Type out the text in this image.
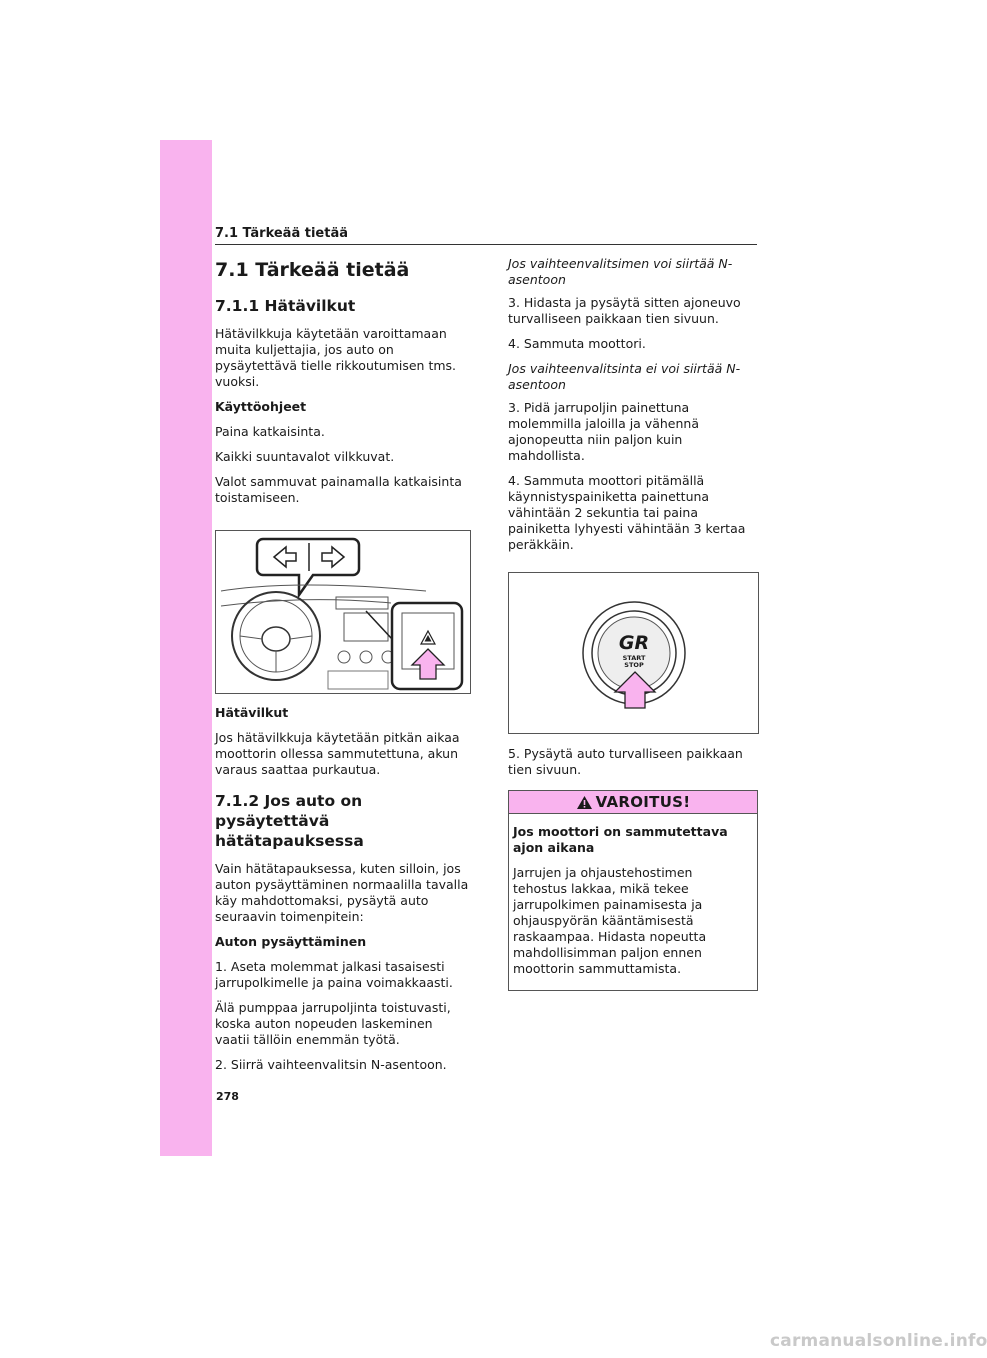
7.1 Tärkeää tietää
7.1 Tärkeää tietää
7.1.1 Hätävilkut

Hätävilkkuja käytetään varoittamaan muita kuljettajia, jos auto on pysäytettävä tielle rikkoutumisen tms. vuoksi.

Käyttöohjeet

Paina katkaisinta.

Kaikki suuntavalot vilkkuvat.

Valot sammuvat painamalla katkaisinta toistamiseen.

Hätävilkut

Jos hätävilkkuja käytetään pitkän aikaa moottorin ollessa sammutettuna, akun varaus saattaa purkautua.

7.1.2 Jos auto on pysäytettävä hätätapauksessa

Vain hätätapauksessa, kuten silloin, jos auton pysäyttäminen normaalilla tavalla käy mahdottomaksi, pysäytä auto seuraavin toimenpitein:

Auton pysäyttäminen

1. Aseta molemmat jalkasi tasaisesti jarrupolkimelle ja paina voimakkaasti.

Älä pumppaa jarrupoljinta toistuvasti, koska auton nopeuden laskeminen vaatii tällöin enemmän työtä.

2. Siirrä vaihteenvalitsin N-asentoon.

Jos vaihteenvalitsimen voi siirtää N-asentoon

3. Hidasta ja pysäytä sitten ajoneuvo turvalliseen paikkaan tien sivuun.

4. Sammuta moottori.

Jos vaihteenvalitsinta ei voi siirtää N-asentoon

3. Pidä jarrupoljin painettuna molemmilla jaloilla ja vähennä ajonopeutta niin paljon kuin mahdollista.

4. Sammuta moottori pitämällä käynnistyspainiketta painettuna vähintään 2 sekuntia tai paina painiketta lyhyesti vähintään 3 kertaa peräkkäin.

GR
START
STOP

5. Pysäytä auto turvalliseen paikkaan tien sivuun.

VAROITUS!

Jos moottori on sammutettava ajon aikana

Jarrujen ja ohjaustehostimen tehostus lakkaa, mikä tekee jarrupolkimen painamisesta ja ohjauspyörän kääntämisestä raskaampaa. Hidasta nopeutta mahdollisimman paljon ennen moottorin sammuttamista.

278
carmanualsonline.info
